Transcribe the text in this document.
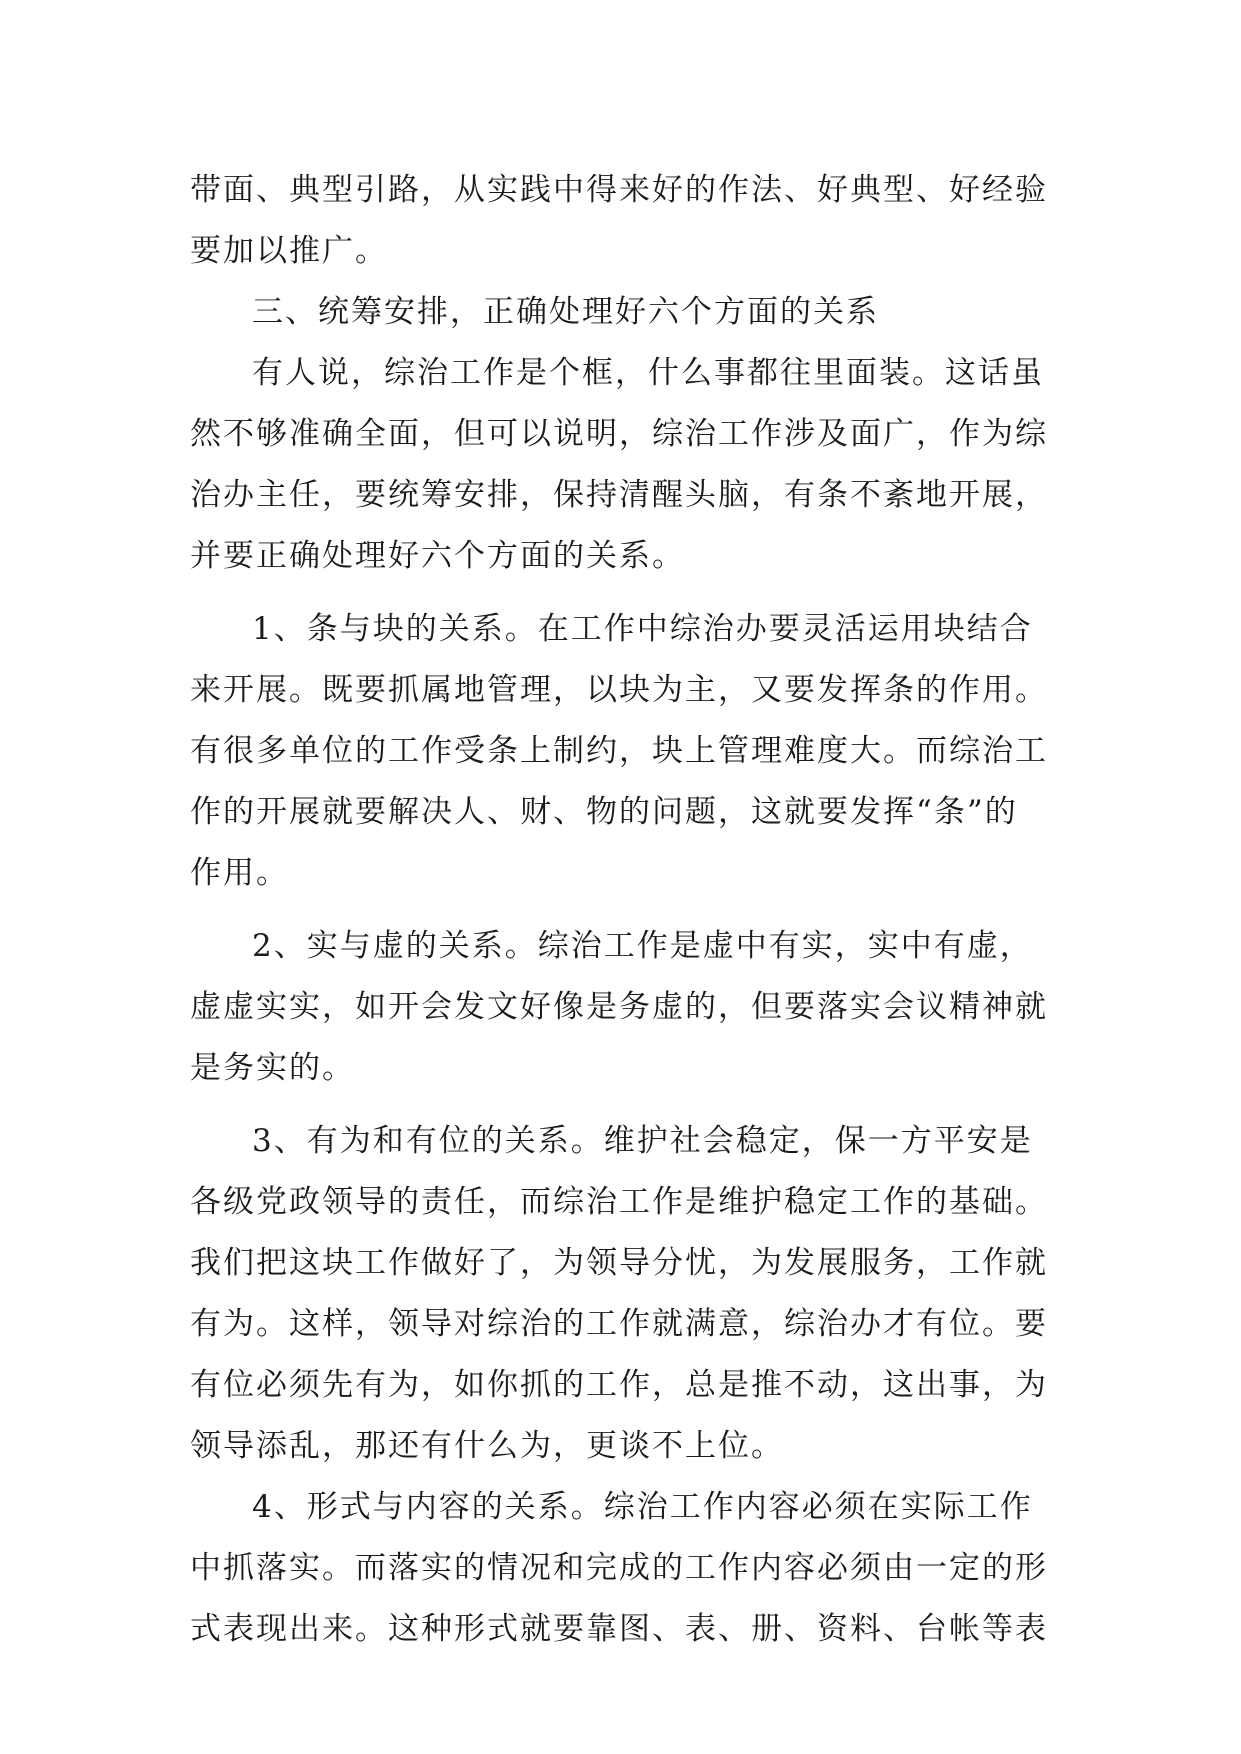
带面、典型引路，从实践中得来好的作法、好典型、好经验
要加以推广。
三、统筹安排，正确处理好六个方面的关系
有人说，综治工作是个框，什么事都往里面装。这话虽
然不够准确全面，但可以说明，综治工作涉及面广，作为综
治办主任，要统筹安排，保持清醒头脑，有条不紊地开展，
并要正确处理好六个方面的关系。
1、条与块的关系。在工作中综治办要灵活运用块结合
来开展。既要抓属地管理，以块为主，又要发挥条的作用。
有很多单位的工作受条上制约，块上管理难度大。而综治工
作的开展就要解决人、财、物的问题，这就要发挥“条”的
作用。
2、实与虚的关系。综治工作是虚中有实，实中有虚，
虚虚实实，如开会发文好像是务虚的，但要落实会议精神就
是务实的。
3、有为和有位的关系。维护社会稳定，保一方平安是
各级党政领导的责任，而综治工作是维护稳定工作的基础。
我们把这块工作做好了，为领导分忧，为发展服务，工作就
有为。这样，领导对综治的工作就满意，综治办才有位。要
有位必须先有为，如你抓的工作，总是推不动，这出事，为
领导添乱，那还有什么为，更谈不上位。
4、形式与内容的关系。综治工作内容必须在实际工作
中抓落实。而落实的情况和完成的工作内容必须由一定的形
式表现出来。这种形式就要靠图、表、册、资料、台帐等表
